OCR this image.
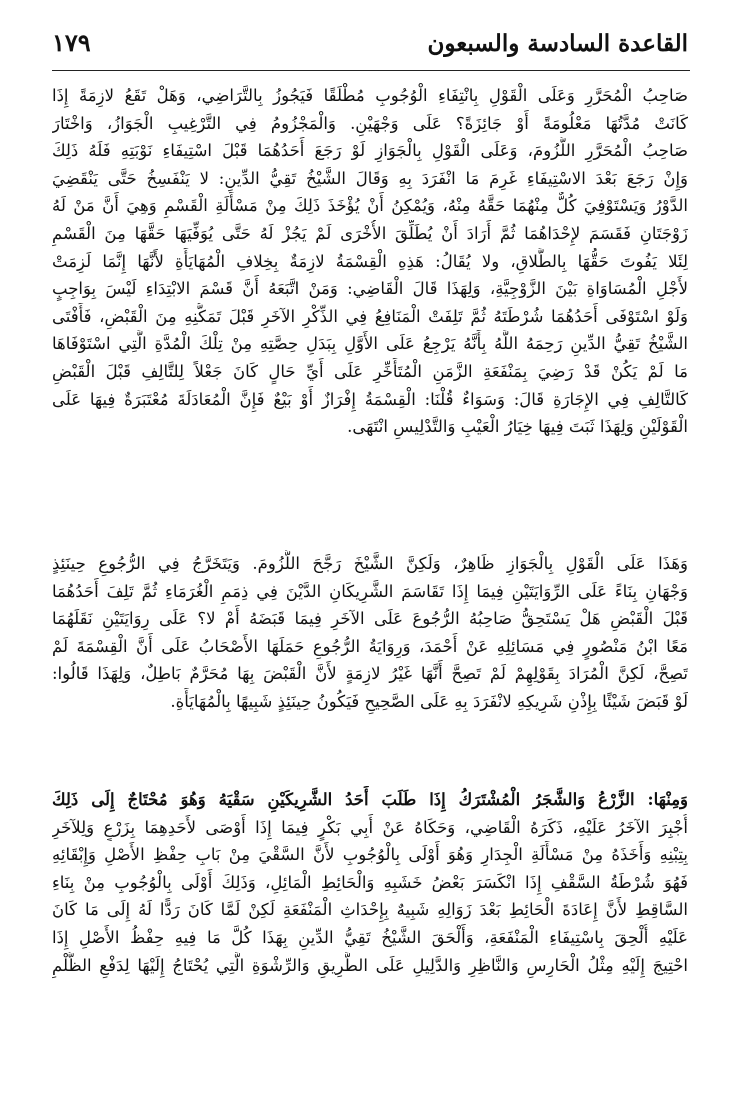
القاعدة السادسة والسبعون
١٧٩
صَاحِبُ الْمُحَرَّرِ وَعَلَى الْقَوْلِ بِانْتِفَاءِ الْوُجُوبِ مُطْلَقًا فَيَجُوزُ بِالتَّرَاضِي، وَهَلْ تَقَعُ لازِمَةً إِذَا
كَانَتْ مُدَّتُهَا مَعْلُومَةً أَوْ جَائِزَةً؟ عَلَى وَجْهَيْنِ. وَالْمَجْزُومُ فِي التَّرْغِيبِ الْجَوَازُ، وَاخْتَارَ
صَاحِبُ الْمُحَرَّرِ اللُّزُومَ، وَعَلَى الْقَوْلِ بِالْجَوَازِ لَوْ رَجَعَ أَحَدُهُمَا قَبْلَ اسْتِيفَاءِ نَوْبَتِهِ فَلَهُ ذَلِكَ
وَإِنْ رَجَعَ بَعْدَ الاسْتِيفَاءِ غَرِمَ مَا انْفَرَدَ بِهِ وَقَالَ الشَّيْخُ تَقِيُّ الدِّينِ: لا يَنْفَسِخُ حَتَّى يَنْقَضِيَ
الدَّوْرُ وَيَسْتَوْفِيَ كُلٌّ مِنْهُمَا حَقَّهُ مِنْهُ، وَيُمْكِنُ أَنْ يُؤْخَذَ ذَلِكَ مِنْ مَسْأَلَةِ الْقَسْمِ وَهِيَ أَنَّ مَنْ لَهُ
زَوْجَتَانِ فَقَسَمَ لإِحْدَاهُمَا ثُمَّ أَرَادَ أَنْ يُطَلِّقَ الأُخْرَى لَمْ يَجُزْ لَهُ حَتَّى يُوَفِّيَهَا حَقَّهَا مِنَ الْقَسْمِ
لِئَلا يَفُوتَ حَقُّهَا بِالطَّلاقِ، ولا يُقَالُ: هَذِهِ الْقِسْمَةُ لازِمَةٌ بِخِلافِ الْمُهَايَأَةِ لأَنَّهَا إِنَّمَا لَزِمَتْ
لأَجْلِ الْمُسَاوَاةِ بَيْنَ الزَّوْجِيَّةِ، وَلِهَذَا قَالَ الْقَاضِي: وَمَنْ اتَّبَعَهُ أَنَّ قَسْمَ الابْتِدَاءِ لَيْسَ بِوَاجِبٍ
وَلَوْ اسْتَوْفَى أَحَدُهُمَا شُرْطَتَهُ ثُمَّ تَلِفَتْ الْمَنَافِعُ فِي الذِّكْرِ الآخَرِ قَبْلَ تَمَكُّنِهِ مِنَ الْقَبْضِ، فَأَفْتَى
الشَّيْخُ تَقِيُّ الدِّينِ رَحِمَهُ اللَّهُ بِأَنَّهُ يَرْجِعُ عَلَى الأَوَّلِ بِبَدَلِ حِصَّتِهِ مِنْ تِلْكَ الْمُدَّةِ الَّتِي اسْتَوْفَاهَا
مَا لَمْ يَكُنْ قَدْ رَضِيَ بِمَنْفَعَةِ الزَّمَنِ الْمُتَأَخِّرِ عَلَى أَيِّ حَالٍ كَانَ جَعْلاً لِلتَّالِفِ قَبْلَ الْقَبْضِ
كَالتَّالِفِ فِي الإِجَارَةِ قَالَ: وَسَوَاءٌ قُلْنَا: الْقِسْمَةُ إِفْرَازٌ أَوْ بَيْعٌ فَإِنَّ الْمُعَادَلَةَ مُعْتَبَرَةٌ فِيهَا عَلَى
الْقَوْلَيْنِ وَلِهَذَا ثَبَتَ فِيهَا خِيَارُ الْعَيْبِ وَالتَّدْلِيسِ انْتَهَى.
وَهَذَا عَلَى الْقَوْلِ بِالْجَوَازِ ظَاهِرٌ، وَلَكِنَّ الشَّيْخَ رَجَّحَ اللُّزُومَ. وَيَتَخَرَّجُ فِي الرُّجُوعِ حِينَئِذٍ
وَجْهَانِ بِنَاءً عَلَى الرِّوَايَتَيْنِ فِيمَا إِذَا تَقَاسَمَ الشَّرِيكَانِ الدَّيْنَ فِي ذِمَمِ الْغُرَمَاءِ ثُمَّ تَلِفَ أَحَدُهُمَا
قَبْلَ الْقَبْضِ هَلْ يَسْتَحِقُّ صَاحِبُهُ الرُّجُوعَ عَلَى الآخَرِ فِيمَا قَبَضَهُ أَمْ لا؟ عَلَى رِوَايَتَيْنِ نَقَلَهُمَا
مَعًا ابْنُ مَنْصُورٍ فِي مَسَائِلِهِ عَنْ أَحْمَدَ، وَرِوَايَةُ الرُّجُوعِ حَمَلَهَا الأَصْحَابُ عَلَى أَنَّ الْقِسْمَةَ لَمْ
تَصِحَّ، لَكِنَّ الْمُرَادَ بِقَوْلِهِمْ لَمْ تَصِحَّ أَنَّهَا غَيْرُ لازِمَةٍ لأَنَّ الْقَبْضَ بِهَا مُحَرَّمٌ بَاطِلٌ، وَلِهَذَا قَالُوا:
لَوْ قَبَضَ شَيْئًا بِإِذْنِ شَرِيكِهِ لانْفَرَدَ بِهِ عَلَى الصَّحِيحِ فَيَكُونُ حِينَئِذٍ شَبِيهًا بِالْمُهَايَأَةِ.
وَمِنْهَا: الزَّرْعُ وَالشَّجَرُ الْمُشْتَرَكُ إِذَا طَلَبَ أَحَدُ الشَّرِيكَيْنِ سَقْيَهُ وَهُوَ مُحْتَاجٌ إِلَى ذَلِكَ
أُجْبِرَ الآخَرُ عَلَيْهِ، ذَكَرَهُ الْقَاضِي، وَحَكَاهُ عَنْ أَبِي بَكْرٍ فِيمَا إِذَا أَوْصَى لأَحَدِهِمَا بِزَرْعٍ وَلِلآخَرِ
بِتِبْنِهِ وَأَخَذَهُ مِنْ مَسْأَلَةِ الْجِدَارِ وَهُوَ أَوْلَى بِالْوُجُوبِ لأَنَّ السَّقْيَ مِنْ بَابِ حِفْظِ الأَصْلِ وَإِبْقَائِهِ
فَهُوَ شُرْطَةُ السَّقْفِ إِذَا انْكَسَرَ بَعْضُ خَشَبِهِ وَالْحَائِطِ الْمَائِلِ، وَذَلِكَ أَوْلَى بِالْوُجُوبِ مِنْ بِنَاءِ
السَّاقِطِ لأَنَّ إِعَادَةَ الْحَائِطِ بَعْدَ زَوَالِهِ شَبِيهٌ بِإِحْدَاثِ الْمَنْفَعَةِ لَكِنْ لَمَّا كَانَ رَدًّا لَهُ إِلَى مَا كَانَ
عَلَيْهِ أُلْحِقَ بِاسْتِيفَاءِ الْمَنْفَعَةِ، وَأَلْحَقَ الشَّيْخُ تَقِيُّ الدِّينِ بِهَذَا كُلَّ مَا فِيهِ حِفْظُ الأَصْلِ إِذَا
احْتِيجَ إِلَيْهِ مِثْلُ الْحَارِسِ وَالنَّاظِرِ وَالدَّلِيلِ عَلَى الطَّرِيقِ وَالرِّشْوَةِ الَّتِي يُحْتَاجُ إِلَيْهَا لِدَفْعِ الظُّلْمِ
